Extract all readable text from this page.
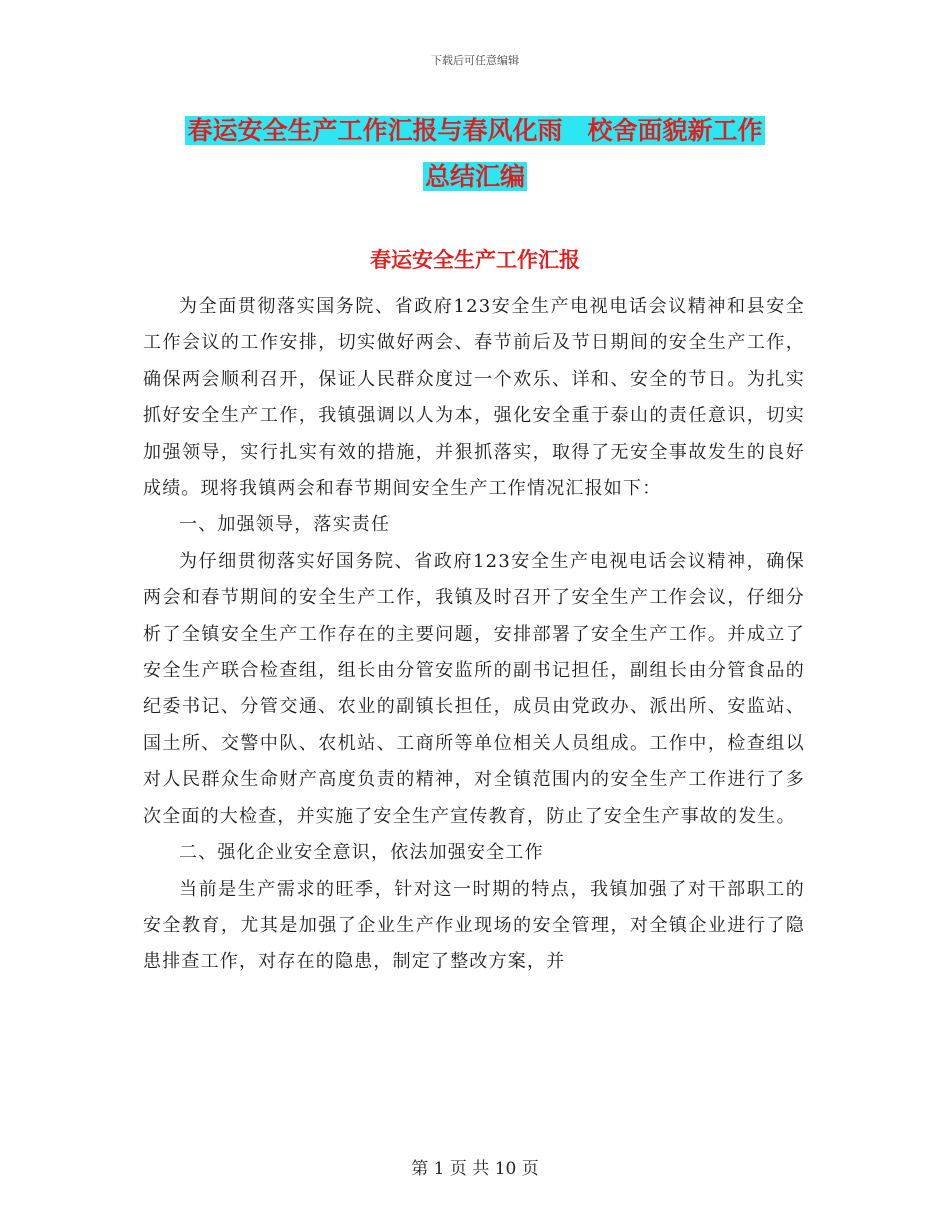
下载后可任意编辑
春运安全生产工作汇报与春风化雨　校舍面貌新工作
总结汇编
春运安全生产工作汇报

为全面贯彻落实国务院、省政府123安全生产电视电话会议精神和县安全工作会议的工作安排，切实做好两会、春节前后及节日期间的安全生产工作，确保两会顺利召开，保证人民群众度过一个欢乐、详和、安全的节日。为扎实抓好安全生产工作，我镇强调以人为本，强化安全重于泰山的责任意识，切实加强领导，实行扎实有效的措施，并狠抓落实，取得了无安全事故发生的良好成绩。现将我镇两会和春节期间安全生产工作情况汇报如下：

一、加强领导，落实责任

为仔细贯彻落实好国务院、省政府123安全生产电视电话会议精神，确保两会和春节期间的安全生产工作，我镇及时召开了安全生产工作会议，仔细分析了全镇安全生产工作存在的主要问题，安排部署了安全生产工作。并成立了安全生产联合检查组，组长由分管安监所的副书记担任，副组长由分管食品的纪委书记、分管交通、农业的副镇长担任，成员由党政办、派出所、安监站、国土所、交警中队、农机站、工商所等单位相关人员组成。工作中，检查组以对人民群众生命财产高度负责的精神，对全镇范围内的安全生产工作进行了多次全面的大检查，并实施了安全生产宣传教育，防止了安全生产事故的发生。

二、强化企业安全意识，依法加强安全工作

当前是生产需求的旺季，针对这一时期的特点，我镇加强了对干部职工的安全教育，尤其是加强了企业生产作业现场的安全管理，对全镇企业进行了隐患排查工作，对存在的隐患，制定了整改方案，并

第 1 页 共 10 页
